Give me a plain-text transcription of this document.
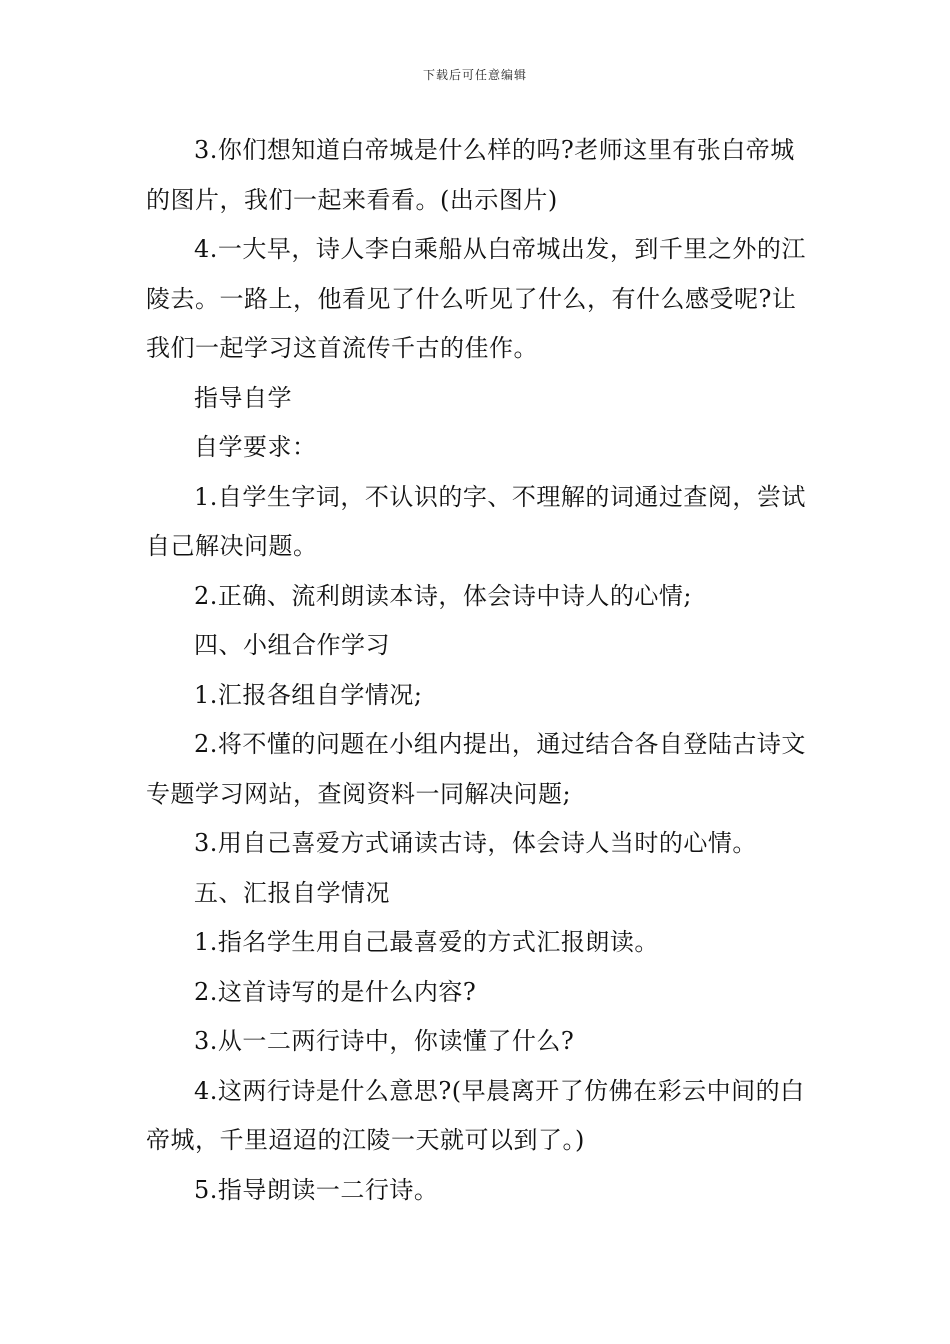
下载后可任意编辑

3.你们想知道白帝城是什么样的吗?老师这里有张白帝城的图片，我们一起来看看。(出示图片)

4.一大早，诗人李白乘船从白帝城出发，到千里之外的江陵去。一路上，他看见了什么听见了什么，有什么感受呢?让我们一起学习这首流传千古的佳作。

指导自学

自学要求：

1.自学生字词，不认识的字、不理解的词通过查阅，尝试自己解决问题。

2.正确、流利朗读本诗，体会诗中诗人的心情;

四、小组合作学习

1.汇报各组自学情况;

2.将不懂的问题在小组内提出，通过结合各自登陆古诗文专题学习网站，查阅资料一同解决问题;

3.用自己喜爱方式诵读古诗，体会诗人当时的心情。

五、汇报自学情况

1.指名学生用自己最喜爱的方式汇报朗读。

2.这首诗写的是什么内容?

3.从一二两行诗中，你读懂了什么?

4.这两行诗是什么意思?(早晨离开了仿佛在彩云中间的白帝城，千里迢迢的江陵一天就可以到了。)

5.指导朗读一二行诗。
